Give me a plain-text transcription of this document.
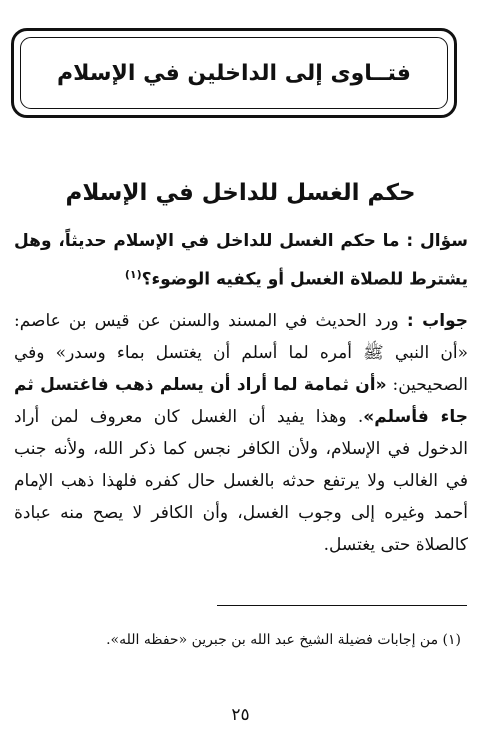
فتــاوى إلى الداخلين في الإسلام
حكم الغسل للداخل في الإسلام
سؤال : ما حكم الغسل للداخل في الإسلام حديثاً، وهل يشترط للصلاة الغسل أو يكفيه الوضوء؟$^{(١)}$
جواب : ورد الحديث في المسند والسنن عن قيس بن عاصم: «أن النبي ﷺ أمره لما أسلم أن يغتسل بماء وسدر» وفي الصحيحين: «أن ثمامة لما أراد أن يسلم ذهب فاغتسل ثم جاء فأسلم». وهذا يفيد أن الغسل كان معروف لمن أراد الدخول في الإسلام، ولأن الكافر نجس كما ذكر الله، ولأنه جنب في الغالب ولا يرتفع حدثه بالغسل حال كفره فلهذا ذهب الإمام أحمد وغيره إلى وجوب الغسل، وأن الكافر لا يصح منه عبادة كالصلاة حتى يغتسل.
(١) من إجابات فضيلة الشيخ عبد الله بن جبرين «حفظه الله».
٢٥
